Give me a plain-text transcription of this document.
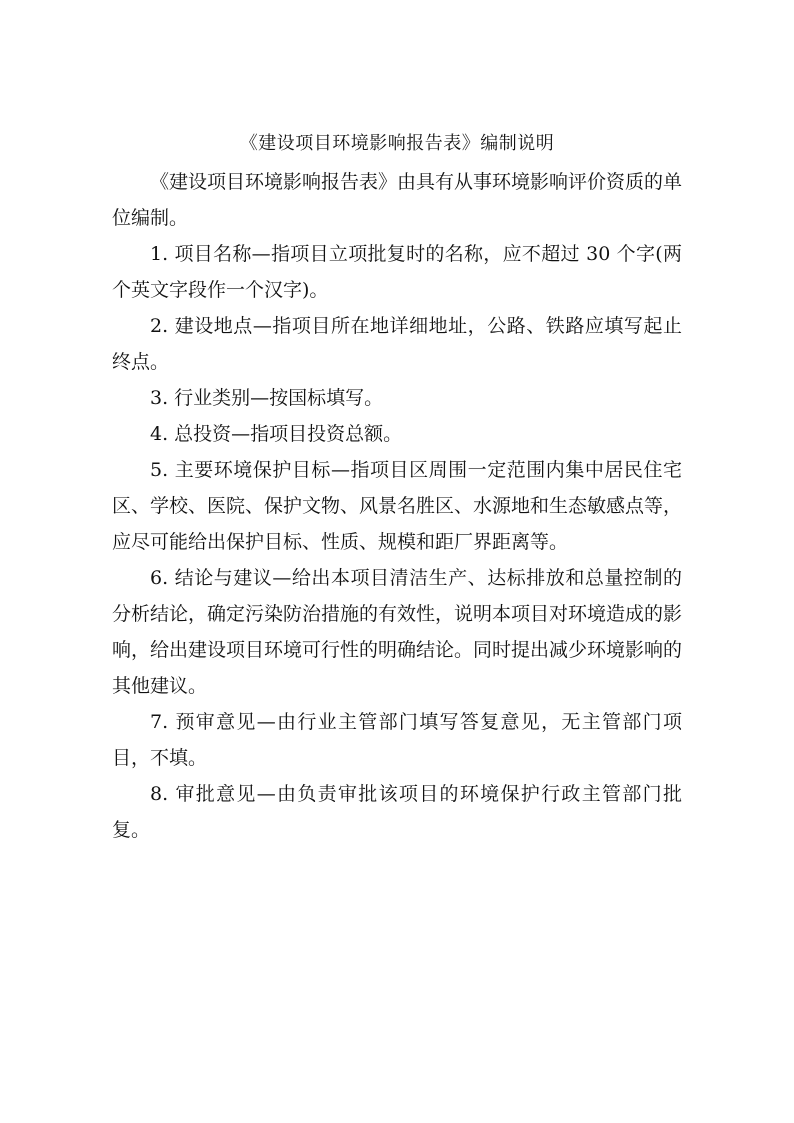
《建设项目环境影响报告表》编制说明

《建设项目环境影响报告表》由具有从事环境影响评价资质的单位编制。

1. 项目名称—指项目立项批复时的名称，应不超过 30 个字(两个英文字段作一个汉字)。

2. 建设地点—指项目所在地详细地址，公路、铁路应填写起止终点。

3. 行业类别—按国标填写。

4. 总投资—指项目投资总额。

5. 主要环境保护目标—指项目区周围一定范围内集中居民住宅区、学校、医院、保护文物、风景名胜区、水源地和生态敏感点等，应尽可能给出保护目标、性质、规模和距厂界距离等。

6. 结论与建议—给出本项目清洁生产、达标排放和总量控制的分析结论，确定污染防治措施的有效性，说明本项目对环境造成的影响，给出建设项目环境可行性的明确结论。同时提出减少环境影响的其他建议。

7. 预审意见—由行业主管部门填写答复意见，无主管部门项目，不填。

8. 审批意见—由负责审批该项目的环境保护行政主管部门批复。
